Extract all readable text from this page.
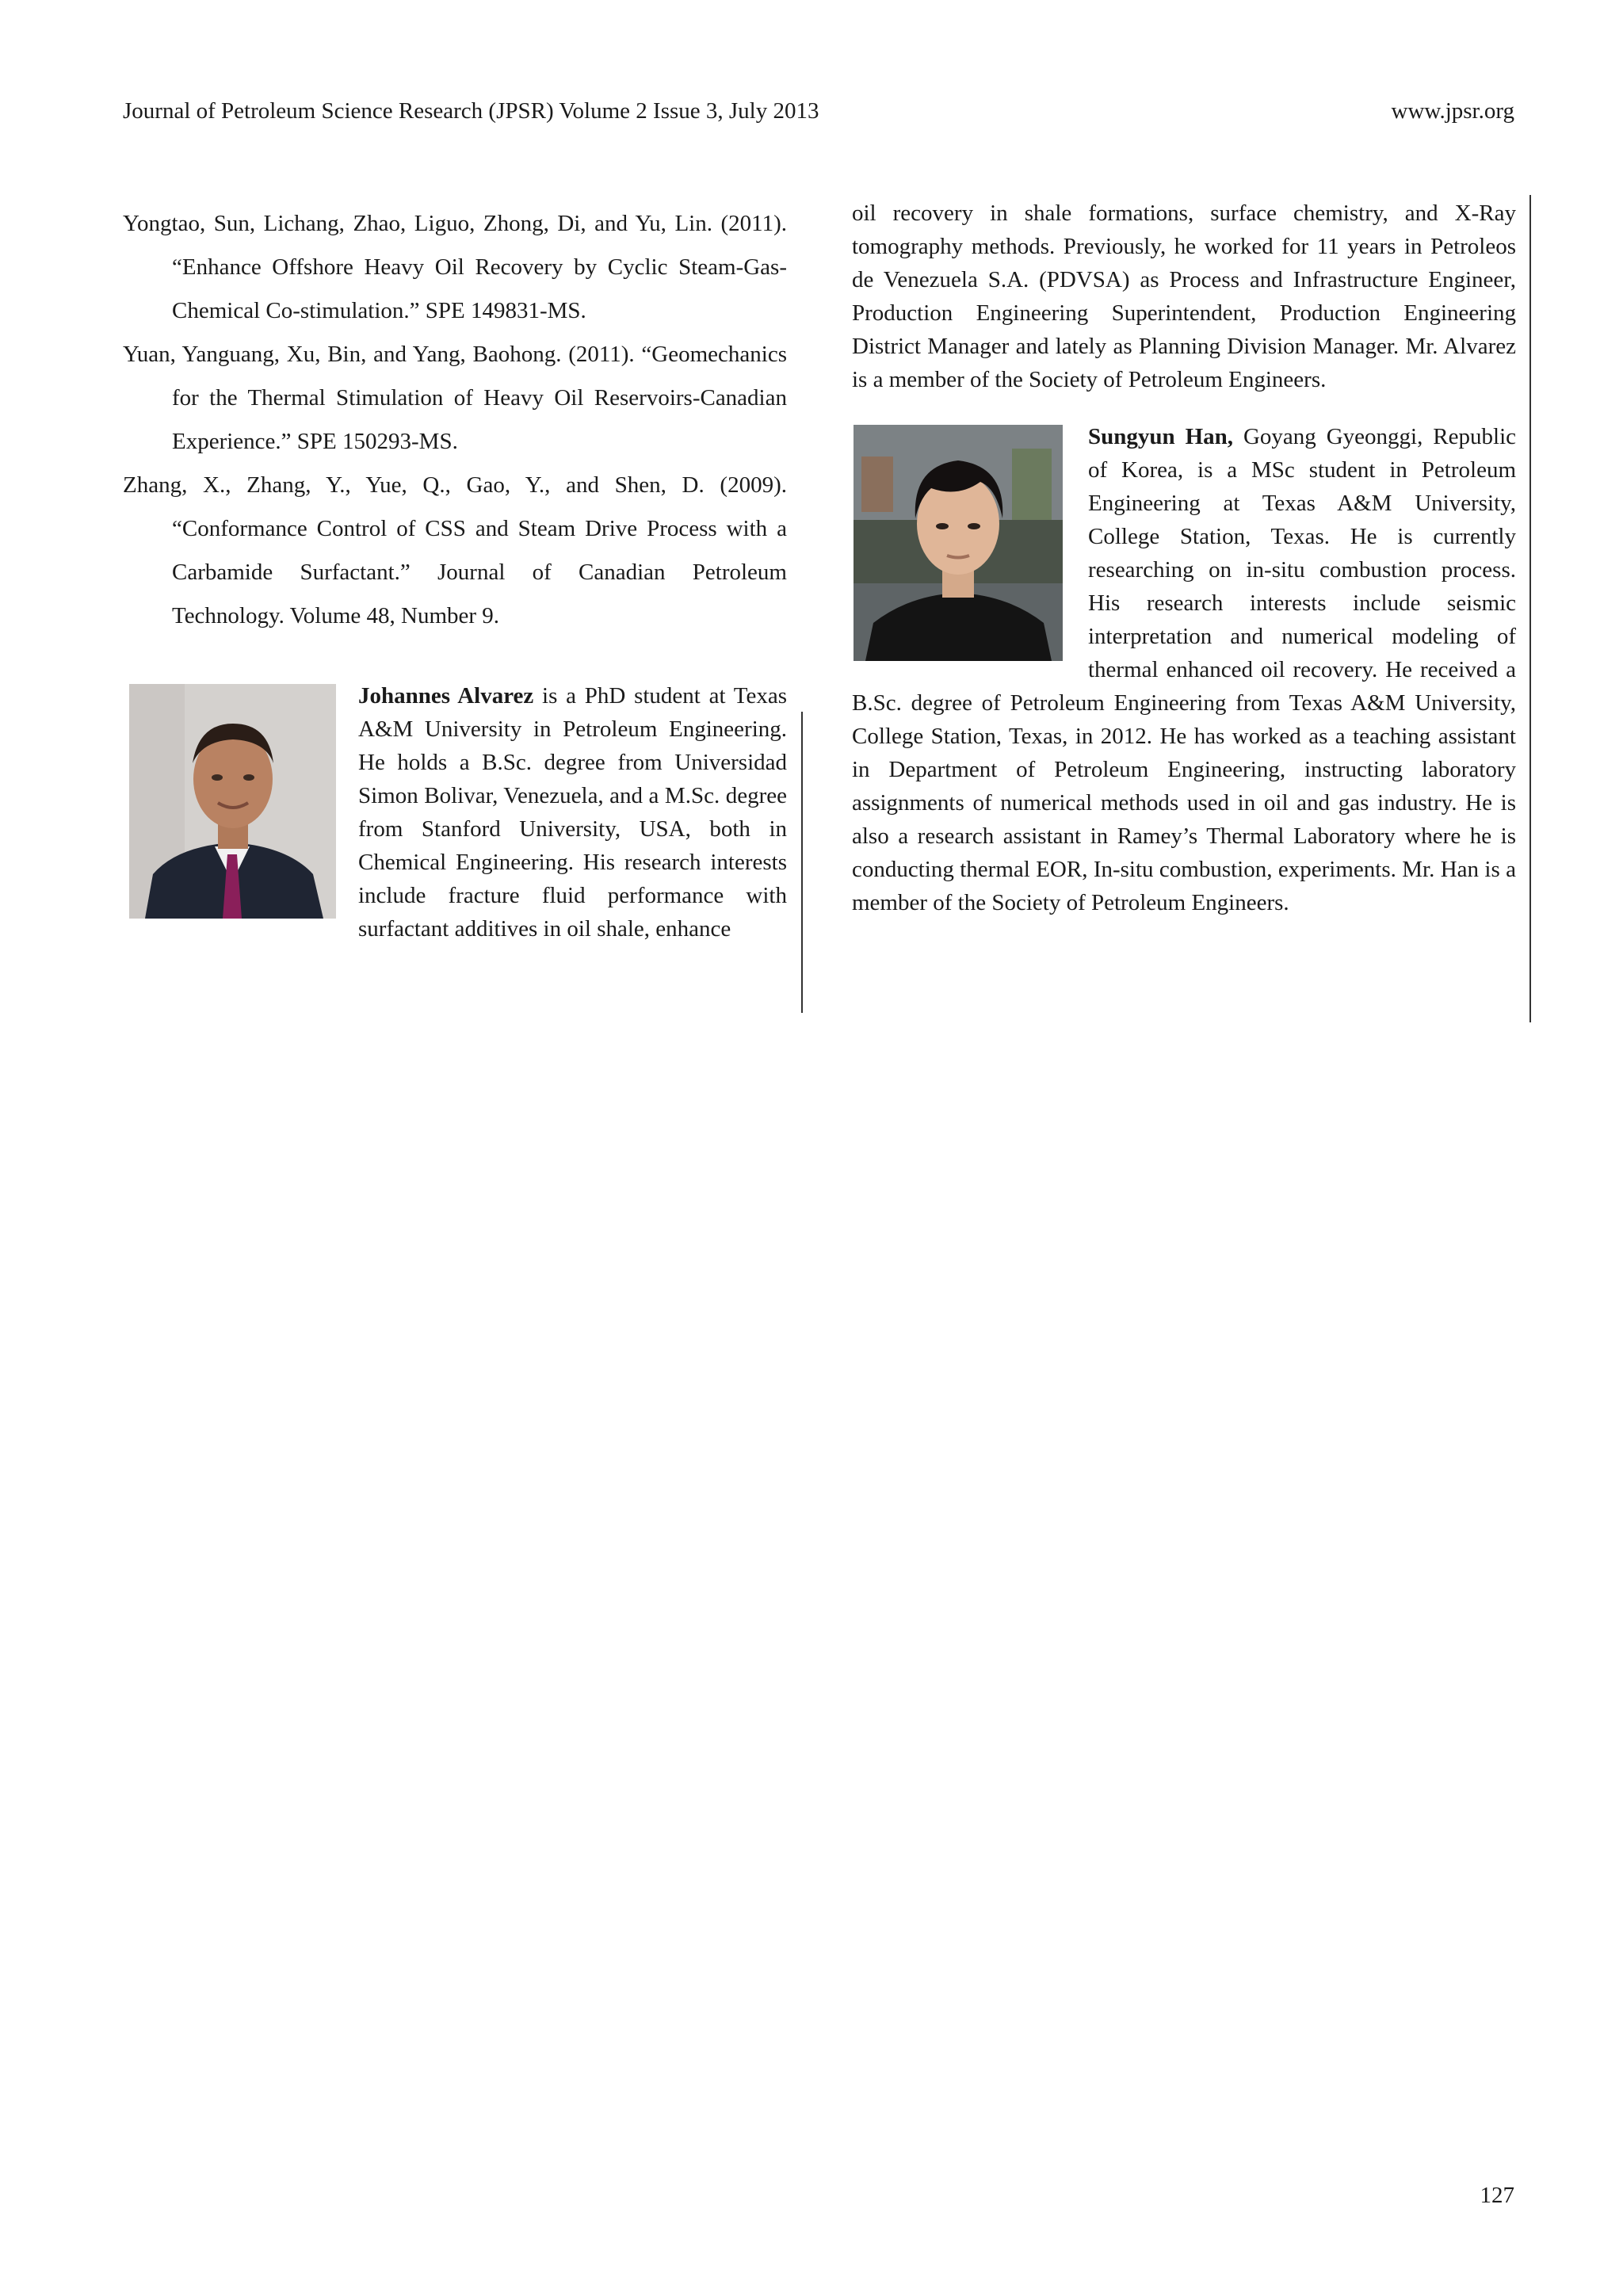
Journal of Petroleum Science Research (JPSR) Volume 2 Issue 3, July 2013	www.jpsr.org

Yongtao, Sun, Lichang, Zhao, Liguo, Zhong, Di, and Yu, Lin. (2011). “Enhance Offshore Heavy Oil Recovery by Cyclic Steam-Gas-Chemical Co-stimulation.” SPE 149831-MS.

Yuan, Yanguang, Xu, Bin, and Yang, Baohong. (2011). “Geomechanics for the Thermal Stimulation of Heavy Oil Reservoirs-Canadian Experience.” SPE 150293-MS.

Zhang, X., Zhang, Y., Yue, Q., Gao, Y., and Shen, D. (2009). “Conformance Control of CSS and Steam Drive Process with a Carbamide Surfactant.” Journal of Canadian Petroleum Technology. Volume 48, Number 9.

Johannes Alvarez is a PhD student at Texas A&M University in Petroleum Engineering. He holds a B.Sc. degree from Universidad Simon Bolivar, Venezuela, and a M.Sc. degree from Stanford University, USA, both in Chemical Engineering. His research interests include fracture fluid performance with surfactant additives in oil shale, enhance

oil recovery in shale formations, surface chemistry, and X-Ray tomography methods. Previously, he worked for 11 years in Petroleos de Venezuela S.A. (PDVSA) as Process and Infrastructure Engineer, Production Engineering Superintendent, Production Engineering District Manager and lately as Planning Division Manager. Mr. Alvarez is a member of the Society of Petroleum Engineers.

Sungyun Han, Goyang Gyeonggi, Republic of Korea, is a MSc student in Petroleum Engineering at Texas A&M University, College Station, Texas. He is currently researching on in-situ combustion process. His research interests include seismic interpretation and numerical modeling of thermal enhanced oil recovery. He received a B.Sc. degree of Petroleum Engineering from Texas A&M University, College Station, Texas, in 2012. He has worked as a teaching assistant in Department of Petroleum Engineering, instructing laboratory assignments of numerical methods used in oil and gas industry. He is also a research assistant in Ramey’s Thermal Laboratory where he is conducting thermal EOR, In-situ combustion, experiments. Mr. Han is a member of the Society of Petroleum Engineers.

127
